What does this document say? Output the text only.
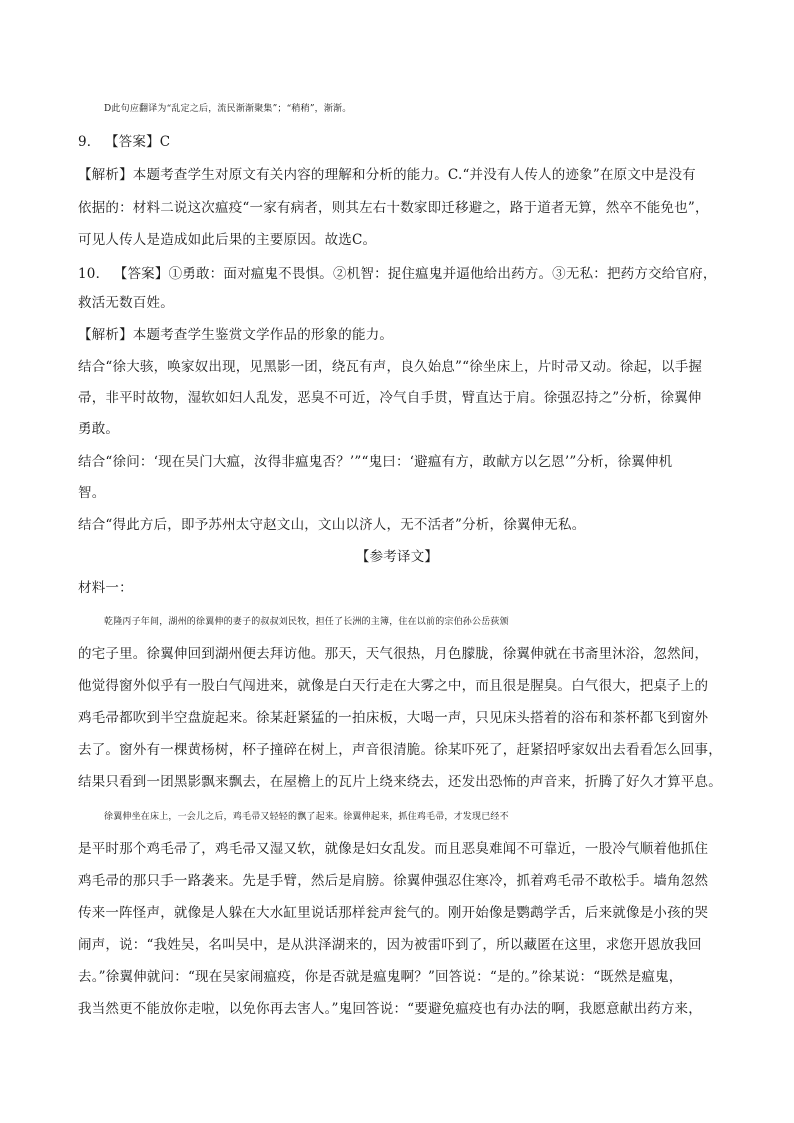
D此句应翻译为“乱定之后，流民渐渐聚集”；“稍稍”，渐渐。
9． 【答案】C
【解析】本题考查学生对原文有关内容的理解和分析的能力。C.“并没有人传人的迹象”在原文中是没有
依据的：材料二说这次瘟疫“一家有病者，则其左右十数家即迁移避之，路于道者无算，然卒不能免也”，
可见人传人是造成如此后果的主要原因。故选C。
10． 【答案】①勇敢：面对瘟鬼不畏惧。②机智：捉住瘟鬼并逼他给出药方。③无私：把药方交给官府，
救活无数百姓。
【解析】本题考查学生鉴赏文学作品的形象的能力。
结合“徐大骇，唤家奴出现，见黑影一团，绕瓦有声，良久始息”“徐坐床上，片时帚又动。徐起，以手握
帚，非平时故物，湿软如妇人乱发，恶臭不可近，冷气自手贯，臂直达于肩。徐强忍持之”分析，徐翼伸
勇敢。
结合“徐问：‘现在吴门大瘟，汝得非瘟鬼否？’”“鬼曰：‘避瘟有方，敢献方以乞恩’”分析，徐翼伸机
智。
结合“得此方后，即予苏州太守赵文山，文山以济人，无不活者”分析，徐翼伸无私。
【参考译文】
材料一：
乾隆丙子年间，湖州的徐翼伸的妻子的叔叔刘民牧，担任了长洲的主簿，住在以前的宗伯孙公岳荻颁
的宅子里。徐翼伸回到湖州便去拜访他。那天，天气很热，月色朦胧，徐翼伸就在书斋里沐浴，忽然间，
他觉得窗外似乎有一股白气闯进来，就像是白天行走在大雾之中，而且很是腥臭。白气很大，把桌子上的
鸡毛帚都吹到半空盘旋起来。徐某赶紧猛的一拍床板，大喝一声，只见床头搭着的浴布和茶杯都飞到窗外
去了。窗外有一棵黄杨树，杯子撞碎在树上，声音很清脆。徐某吓死了，赶紧招呼家奴出去看看怎么回事，
结果只看到一团黑影飘来飘去，在屋檐上的瓦片上绕来绕去，还发出恐怖的声音来，折腾了好久才算平息。
徐翼伸坐在床上，一会儿之后，鸡毛帚又轻轻的飘了起来。徐翼伸起来，抓住鸡毛帚，才发现已经不
是平时那个鸡毛帚了，鸡毛帚又湿又软，就像是妇女乱发。而且恶臭难闻不可靠近，一股冷气顺着他抓住
鸡毛帚的那只手一路袭来。先是手臂，然后是肩膀。徐翼伸强忍住寒冷，抓着鸡毛帚不敢松手。墙角忽然
传来一阵怪声，就像是人躲在大水缸里说话那样瓮声瓮气的。刚开始像是鹦鹉学舌，后来就像是小孩的哭
闹声，说：“我姓吴，名叫吴中，是从洪泽湖来的，因为被雷吓到了，所以藏匿在这里，求您开恩放我回
去。”徐翼伸就问：“现在吴家闹瘟疫，你是否就是瘟鬼啊？”回答说：“是的。”徐某说：“既然是瘟鬼，
我当然更不能放你走啦，以免你再去害人。”鬼回答说：“要避免瘟疫也有办法的啊，我愿意献出药方来，
